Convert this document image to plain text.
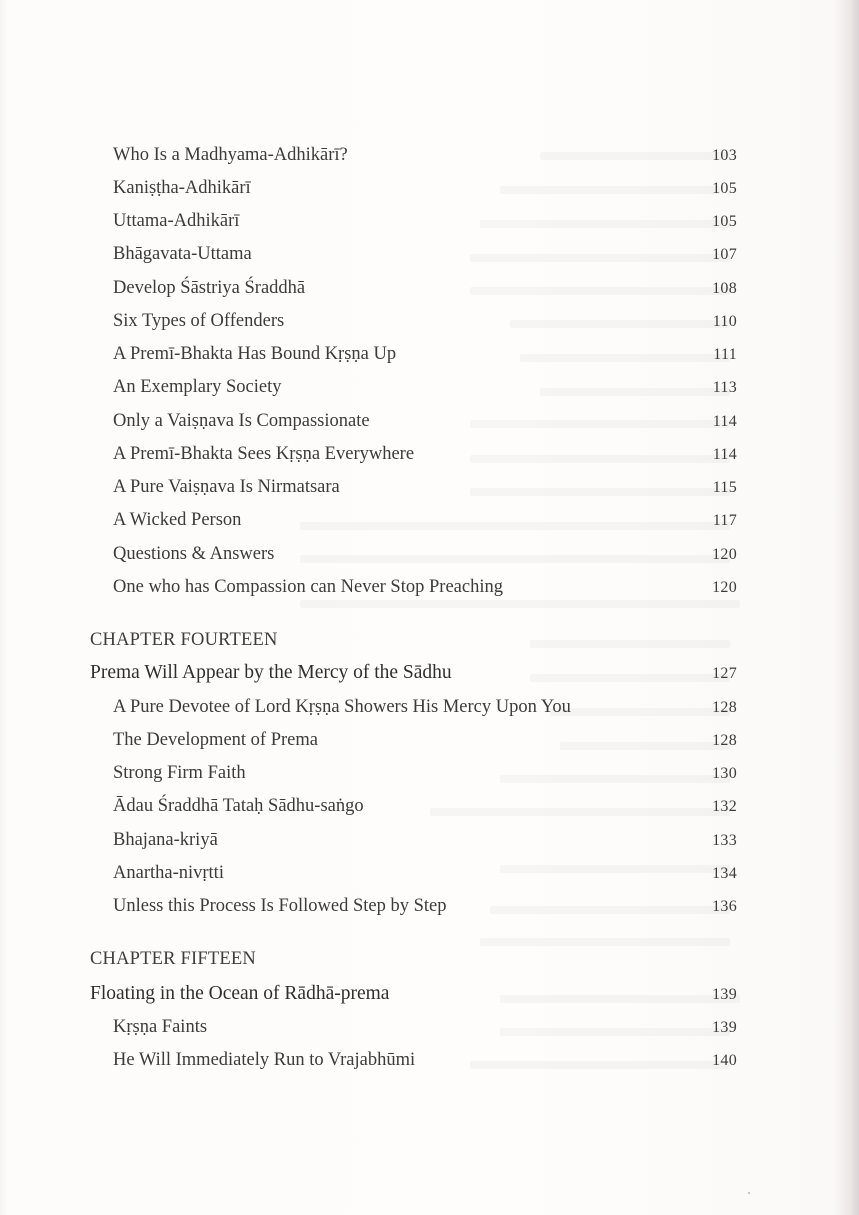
Who Is a Madhyama-Adhikārī?	103
Kaniṣṭha-Adhikārī	105
Uttama-Adhikārī	105
Bhāgavata-Uttama	107
Develop Śāstriya Śraddhā	108
Six Types of Offenders	110
A Premī-Bhakta Has Bound Kṛṣṇa Up	111
An Exemplary Society	113
Only a Vaiṣṇava Is Compassionate	114
A Premī-Bhakta Sees Kṛṣṇa Everywhere	114
A Pure Vaiṣṇava Is Nirmatsara	115
A Wicked Person	117
Questions & Answers	120
One who has Compassion can Never Stop Preaching	120
CHAPTER FOURTEEN
Prema Will Appear by the Mercy of the Sādhu	127
A Pure Devotee of Lord Kṛṣṇa Showers His Mercy Upon You	128
The Development of Prema	128
Strong Firm Faith	130
Ādau Śraddhā Tataḥ Sādhu-saṅgo	132
Bhajana-kriyā	133
Anartha-nivṛtti	134
Unless this Process Is Followed Step by Step	136
CHAPTER FIFTEEN
Floating in the Ocean of Rādhā-prema	139
Kṛṣṇa Faints	139
He Will Immediately Run to Vrajabhūmi	140
